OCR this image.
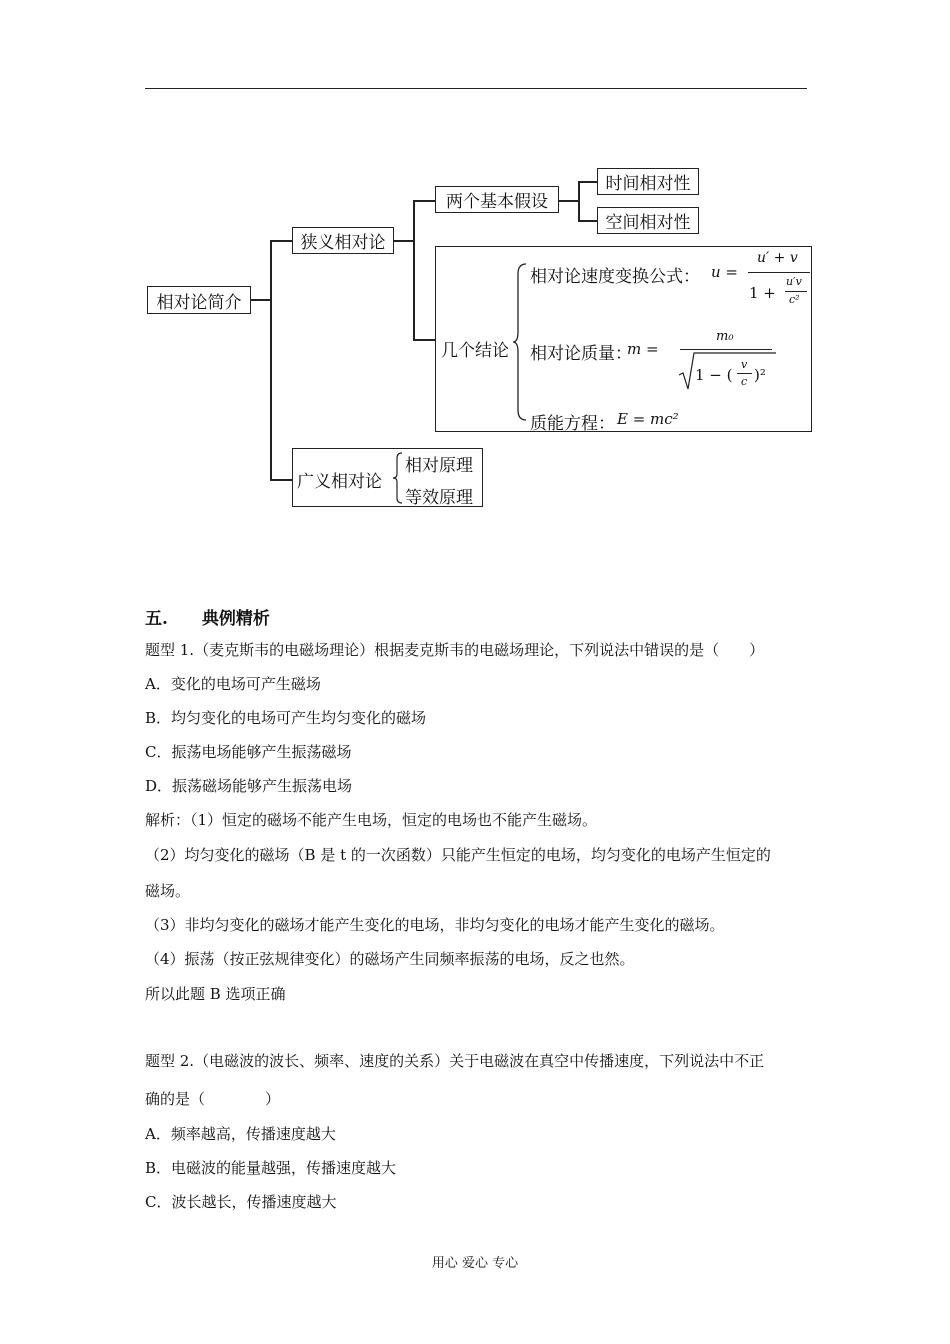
相对论简介
狭义相对论
两个基本假设
时间相对性
空间相对性
几个结论
相对论速度变换公式： u =
u′ + v
1 +
u′v
c²
相对论质量：
m =
m₀
1 − (
v
c )²
质能方程： E = mc²
广义相对论
相对原理
等效原理
五. 典例精析
题型 1.（麦克斯韦的电磁场理论）根据麦克斯韦的电磁场理论，下列说法中错误的是（　　）
A．变化的电场可产生磁场
B．均匀变化的电场可产生均匀变化的磁场
C．振荡电场能够产生振荡磁场
D．振荡磁场能够产生振荡电场
解析：（1）恒定的磁场不能产生电场，恒定的电场也不能产生磁场。
（2）均匀变化的磁场（B 是 t 的一次函数）只能产生恒定的电场，均匀变化的电场产生恒定的
磁场。
（3）非均匀变化的磁场才能产生变化的电场，非均匀变化的电场才能产生变化的磁场。
（4）振荡（按正弦规律变化）的磁场产生同频率振荡的电场，反之也然。
所以此题 B 选项正确
题型 2.（电磁波的波长、频率、速度的关系）关于电磁波在真空中传播速度，下列说法中不正
确的是（　　　　）
A．频率越高，传播速度越大
B．电磁波的能量越强，传播速度越大
C．波长越长，传播速度越大
用心 爱心 专心
